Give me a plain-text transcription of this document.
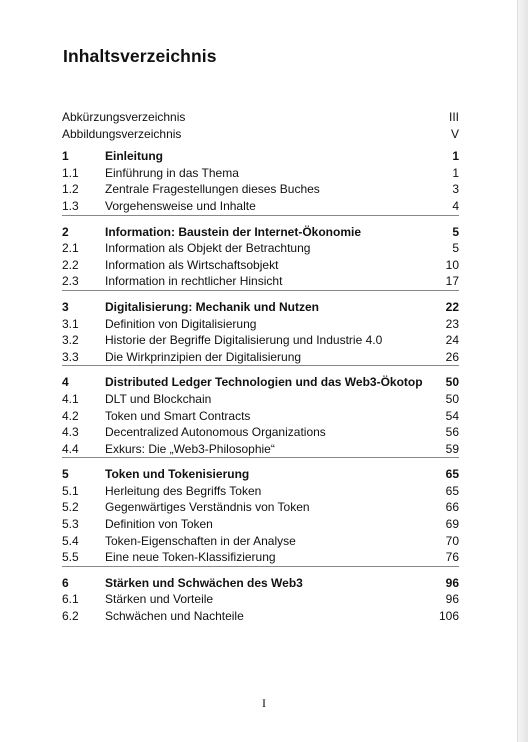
Inhaltsverzeichnis
Abkürzungsverzeichnis	III
Abbildungsverzeichnis	V
1	Einleitung	1
1.1 Einführung in das Thema	1
1.2 Zentrale Fragestellungen dieses Buches	3
1.3 Vorgehensweise und Inhalte	4
2	Information: Baustein der Internet-Ökonomie	5
2.1 Information als Objekt der Betrachtung	5
2.2 Information als Wirtschaftsobjekt	10
2.3 Information in rechtlicher Hinsicht	17
3	Digitalisierung: Mechanik und Nutzen	22
3.1 Definition von Digitalisierung	23
3.2 Historie der Begriffe Digitalisierung und Industrie 4.0	24
3.3 Die Wirkprinzipien der Digitalisierung	26
4	Distributed Ledger Technologien und das Web3-Ökotop 50
4.1 DLT und Blockchain	50
4.2 Token und Smart Contracts	54
4.3 Decentralized Autonomous Organizations	56
4.4 Exkurs: Die „Web3-Philosophie“	59
5	Token und Tokenisierung	65
5.1 Herleitung des Begriffs Token	65
5.2 Gegenwärtiges Verständnis von Token	66
5.3 Definition von Token	69
5.4 Token-Eigenschaften in der Analyse	70
5.5 Eine neue Token-Klassifizierung	76
6	Stärken und Schwächen des Web3	96
6.1 Stärken und Vorteile	96
6.2 Schwächen und Nachteile	106
I
